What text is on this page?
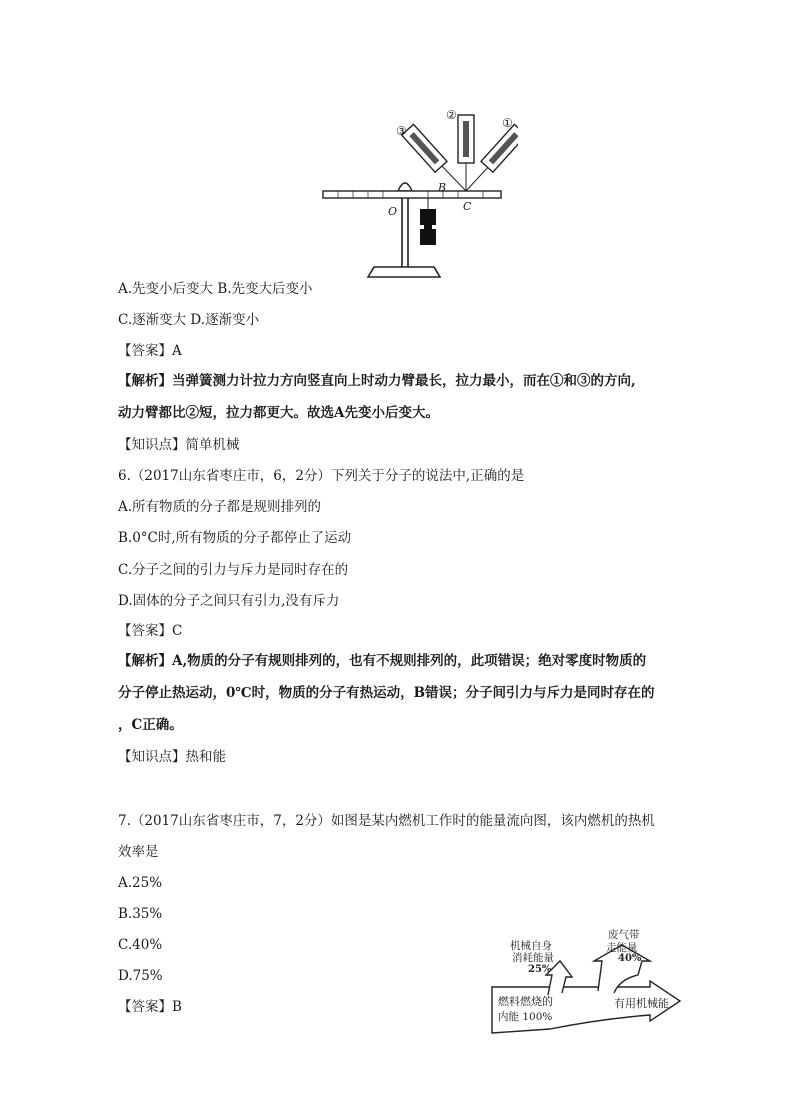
③
②
①
O
B
C
A.先变小后变大 B.先变大后变小
C.逐渐变大 D.逐渐变小
【答案】A
【解析】当弹簧测力计拉力方向竖直向上时动力臂最长，拉力最小，而在①和③的方向,
动力臂都比②短，拉力都更大。故选A先变小后变大。
【知识点】简单机械
6.（2017山东省枣庄市，6，2分）下列关于分子的说法中,正确的是
A.所有物质的分子都是规则排列的
B.0°C时,所有物质的分子都停止了运动
C.分子之间的引力与斥力是同时存在的
D.固体的分子之间只有引力,没有斥力
【答案】C
【解析】A,物质的分子有规则排列的，也有不规则排列的，此项错误；绝对零度时物质的
分子停止热运动，0℃时，物质的分子有热运动，B错误；分子间引力与斥力是同时存在的
，C正确。
【知识点】热和能
7.（2017山东省枣庄市，7，2分）如图是某内燃机工作时的能量流向图，该内燃机的热机
效率是
A.25%
B.35%
C.40%
D.75%
【答案】B
机械自身
消耗能量
25%
废气带
走能量
40%
燃料燃烧的
内能 100%
有用机械能
